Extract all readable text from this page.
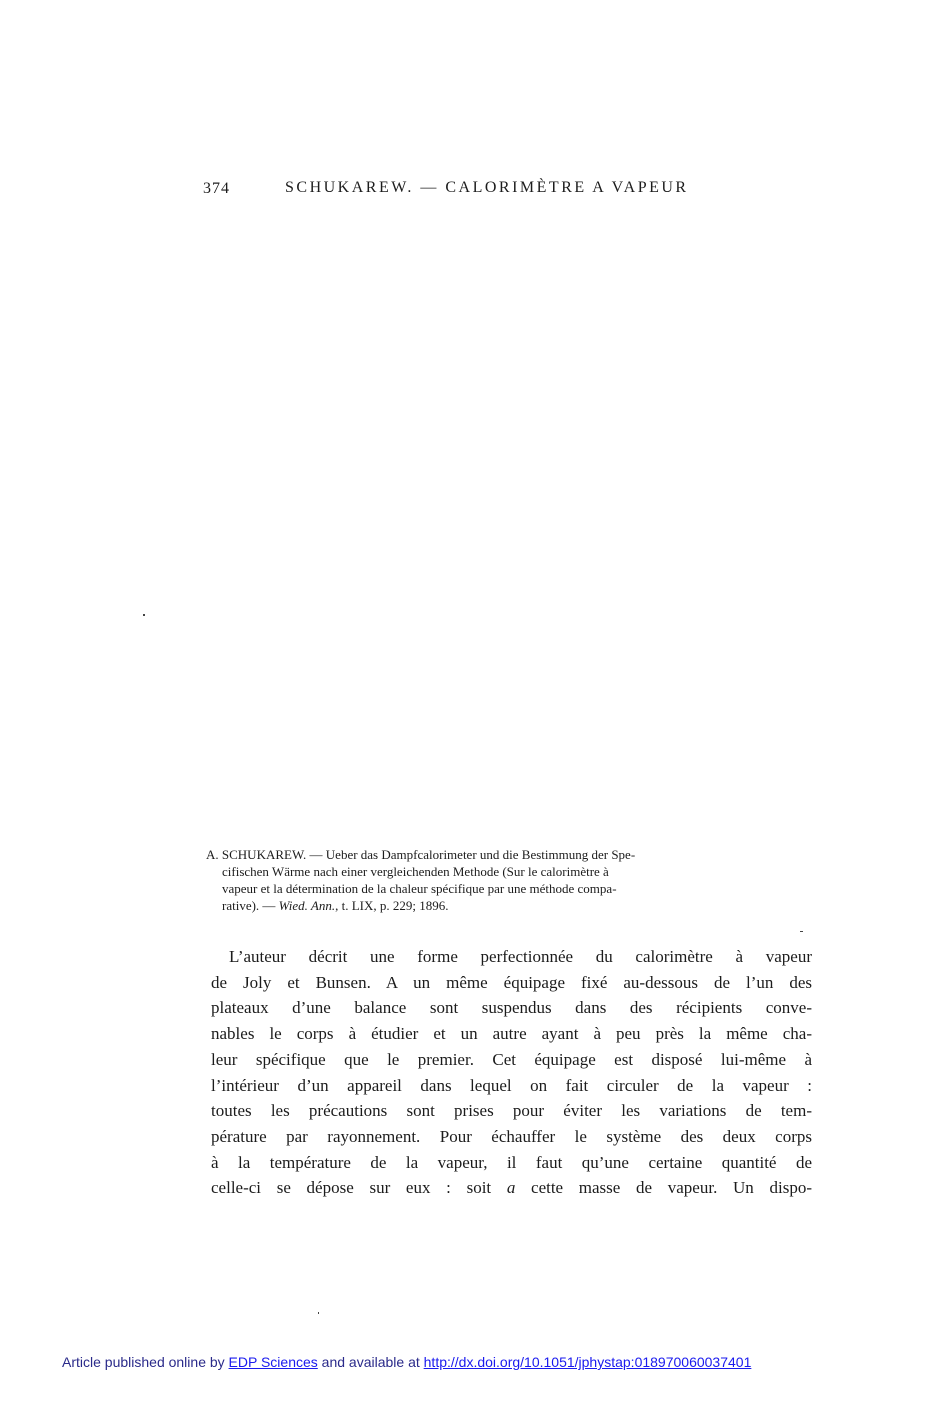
374	SCHUKAREW. — CALORIMÈTRE A VAPEUR
A. SCHUKAREW. — Ueber das Dampfcalorimeter und die Bestimmung der Spe-
cifischen Wärme nach einer vergleichenden Methode (Sur le calorimètre à
vapeur et la détermination de la chaleur spécifique par une méthode compa-
rative). — Wied. Ann., t. LIX, p. 229; 1896.
L’auteur décrit une forme perfectionnée du calorimètre à vapeur
de Joly et Bunsen. A un même équipage fixé au-dessous de l’un des
plateaux d’une balance sont suspendus dans des récipients conve-
nables le corps à étudier et un autre ayant à peu près la même cha-
leur spécifique que le premier. Cet équipage est disposé lui-même à
l’intérieur d’un appareil dans lequel on fait circuler de la vapeur :
toutes les précautions sont prises pour éviter les variations de tem-
pérature par rayonnement. Pour échauffer le système des deux corps
à la température de la vapeur, il faut qu’une certaine quantité de
celle-ci se dépose sur eux : soit a cette masse de vapeur. Un dispo-
Article published online by EDP Sciences and available at http://dx.doi.org/10.1051/jphystap:018970060037401
